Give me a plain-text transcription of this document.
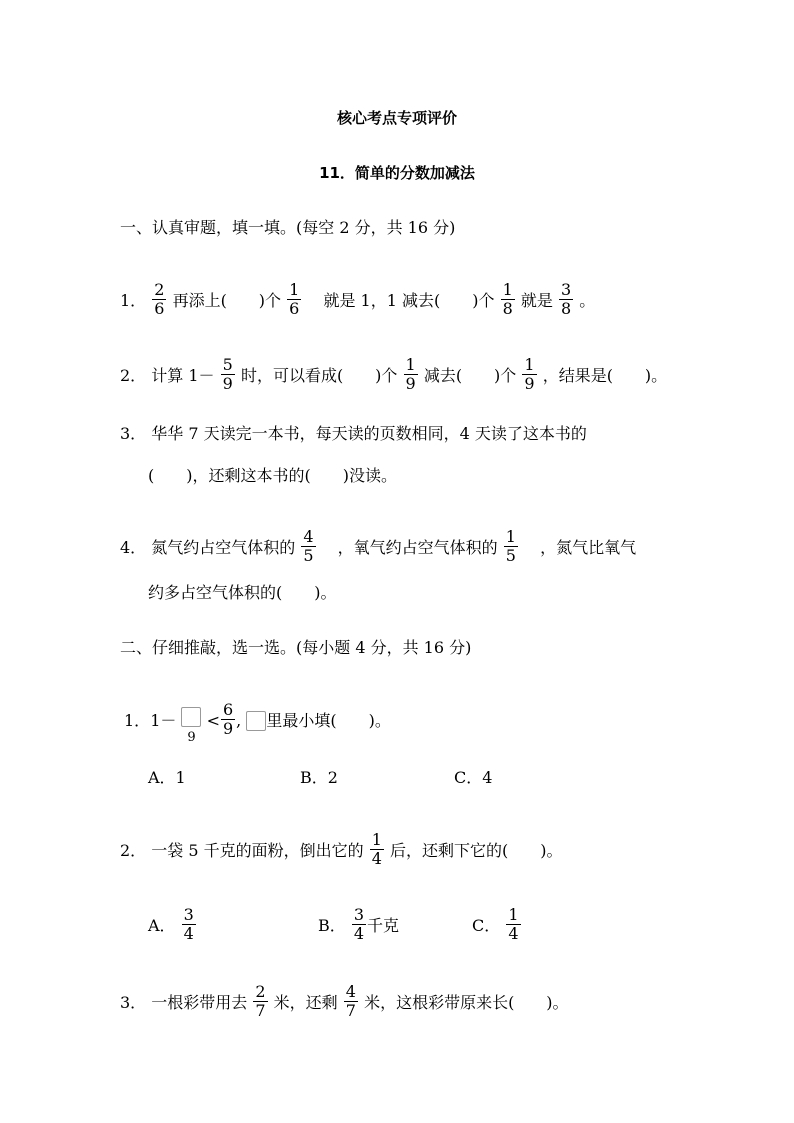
核心考点专项评价
11．简单的分数加减法
一、认真审题，填一填。(每空 2 分，共 16 分)
1． $\frac{2}{6}$ 再添上(　　)个 $\frac{1}{6}$ 　就是 1，1 减去(　　)个 $\frac{1}{8}$ 就是 $\frac{3}{8}$ 。
2． 计算 $1- \frac{5}{9}$ 时，可以看成(　　)个 $\frac{1}{9}$ 减去(　　)个 $\frac{1}{9}$ ，结果是(　　)。
3． 华华 7 天读完一本书，每天读的页数相同，4 天读了这本书的
(　　)，还剩这本书的(　　)没读。
4． 氮气约占空气体积的 $\frac{4}{5}$ 　，氧气约占空气体积的 $\frac{1}{5}$ 　，氮气比氧气
约多占空气体积的(　　)。
二、仔细推敲，选一选。(每小题 4 分，共 16 分)
1．1－
9
< $\frac{6}{9}$ , 里最小填(　　)。
A．1	B．2	C．4
2． 一袋 5 千克的面粉，倒出它的 $\frac{1}{4}$ 后，还剩下它的(　　)。
A． $\frac{3}{4}$	B． $\frac{3}{4}$ 千克	C． $\frac{1}{4}$
3． 一根彩带用去 $\frac{2}{7}$ 米，还剩 $\frac{4}{7}$ 米，这根彩带原来长(　　)。
